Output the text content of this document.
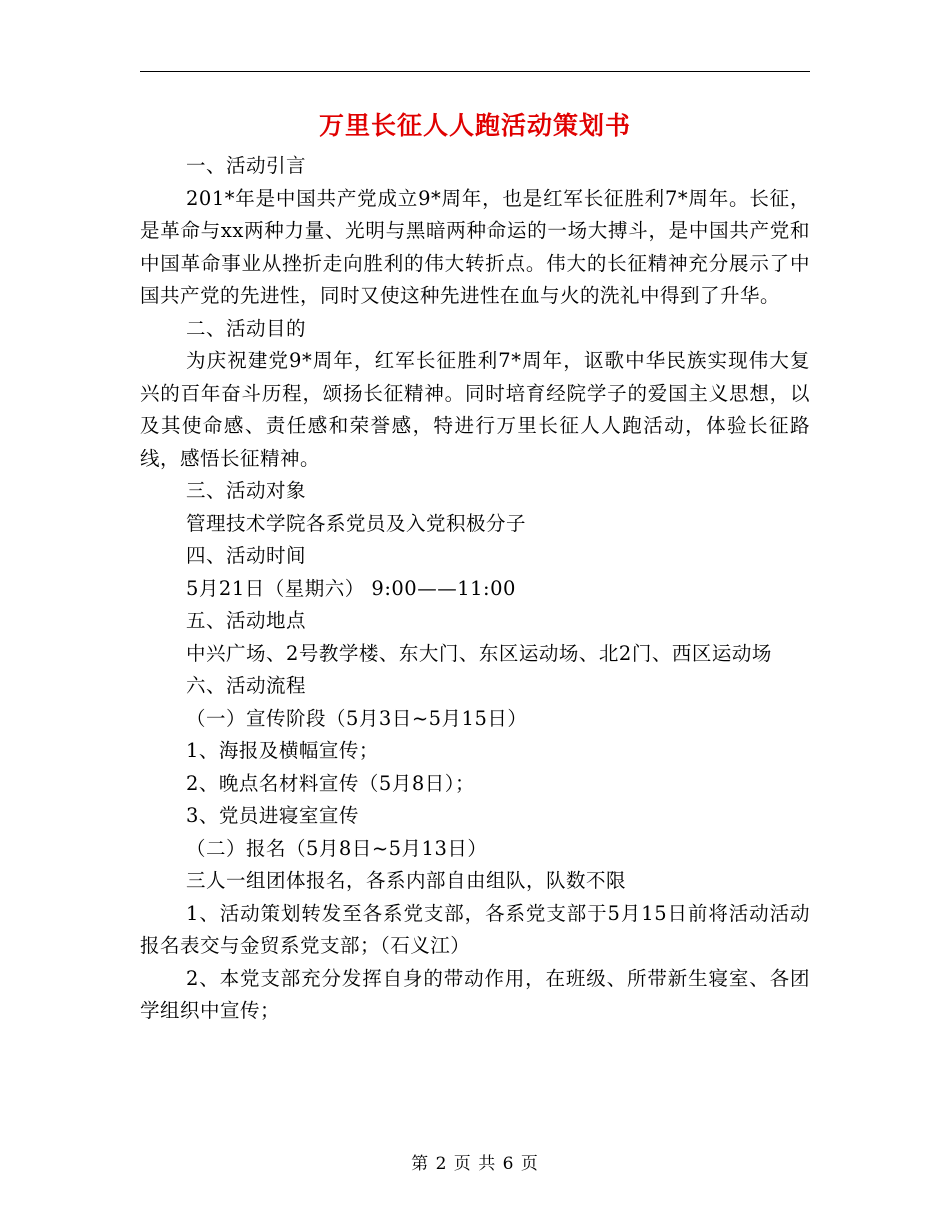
万里长征人人跑活动策划书

一、活动引言

201*年是中国共产党成立9*周年，也是红军长征胜利7*周年。长征，是革命与xx两种力量、光明与黑暗两种命运的一场大搏斗，是中国共产党和中国革命事业从挫折走向胜利的伟大转折点。伟大的长征精神充分展示了中国共产党的先进性，同时又使这种先进性在血与火的洗礼中得到了升华。

二、活动目的

为庆祝建党9*周年，红军长征胜利7*周年，讴歌中华民族实现伟大复兴的百年奋斗历程，颂扬长征精神。同时培育经院学子的爱国主义思想，以及其使命感、责任感和荣誉感，特进行万里长征人人跑活动，体验长征路线，感悟长征精神。

三、活动对象

管理技术学院各系党员及入党积极分子

四、活动时间

5月21日（星期六） 9:00——11:00

五、活动地点

中兴广场、2号教学楼、东大门、东区运动场、北2门、西区运动场

六、活动流程

（一）宣传阶段（5月3日~5月15日）

1、海报及横幅宣传；

2、晚点名材料宣传（5月8日）；

3、党员进寝室宣传

（二）报名（5月8日~5月13日）

三人一组团体报名，各系内部自由组队，队数不限

1、活动策划转发至各系党支部，各系党支部于5月15日前将活动活动报名表交与金贸系党支部；（石义江）

2、本党支部充分发挥自身的带动作用，在班级、所带新生寝室、各团学组织中宣传；

第 2 页 共 6 页
